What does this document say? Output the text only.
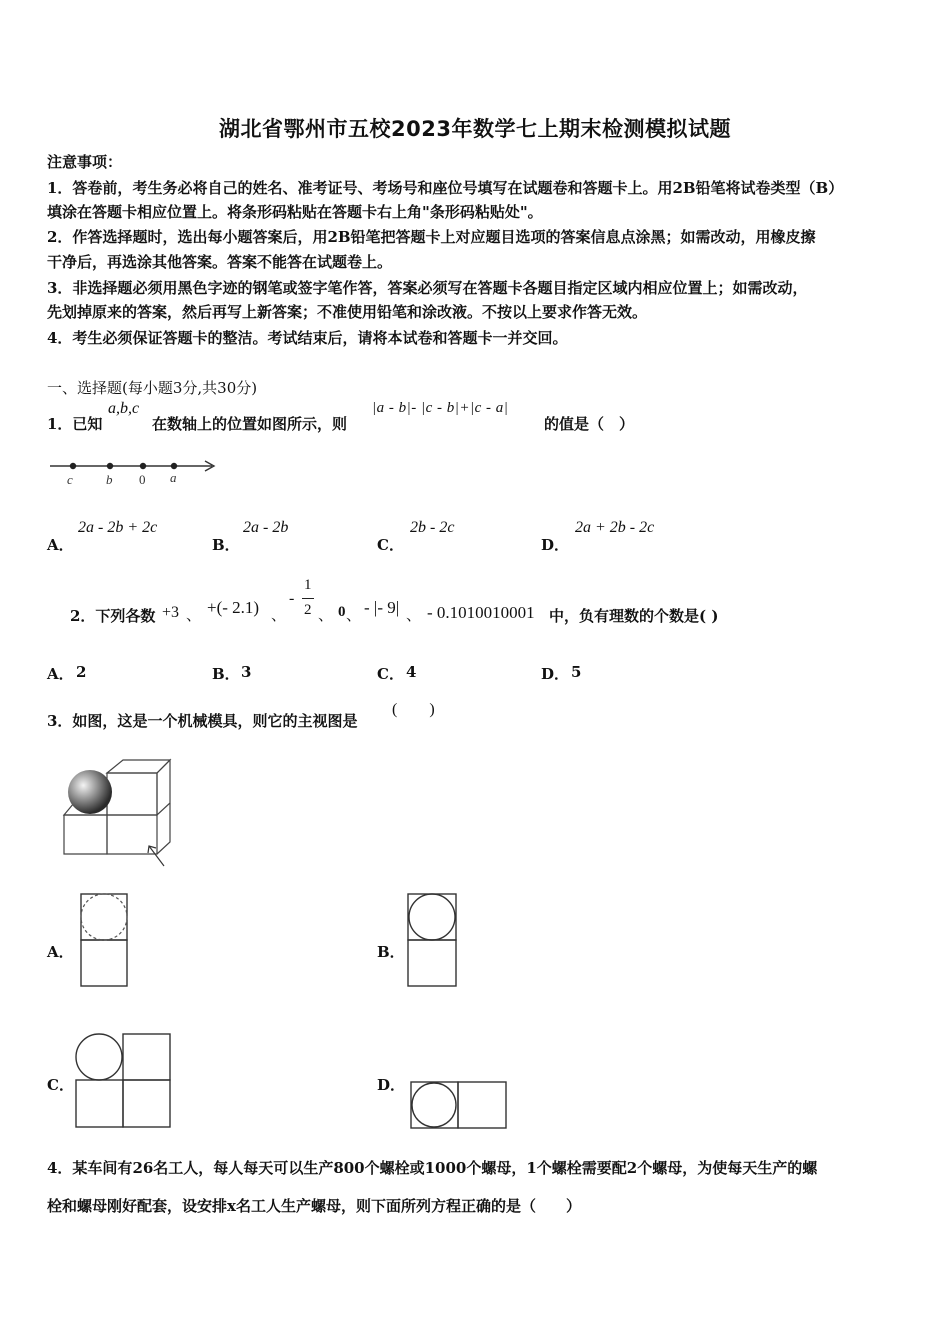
湖北省鄂州市五校2023年数学七上期末检测模拟试题
注意事项：
1．答卷前，考生务必将自己的姓名、准考证号、考场号和座位号填写在试题卷和答题卡上。用2B铅笔将试卷类型（B）
填涂在答题卡相应位置上。将条形码粘贴在答题卡右上角"条形码粘贴处"。
2．作答选择题时，选出每小题答案后，用2B铅笔把答题卡上对应题目选项的答案信息点涂黑；如需改动，用橡皮擦
干净后，再选涂其他答案。答案不能答在试题卷上。
3．非选择题必须用黑色字迹的钢笔或签字笔作答，答案必须写在答题卡各题目指定区域内相应位置上；如需改动，
先划掉原来的答案，然后再写上新答案；不准使用铅笔和涂改液。不按以上要求作答无效。
4．考生必须保证答题卡的整洁。考试结束后，请将本试卷和答题卡一并交回。
一、选择题(每小题3分,共30分)
1．已知
a,b,c
在数轴上的位置如图所示，则
|a - b|- |c - b|+|c - a|
的值是（　）
c	b 0 a
A．
2a - 2b + 2c
B．
2a - 2b
C．
2b - 2c
D．
2a + 2b - 2c
2．下列各数 +3 、 +(- 2.1) 、
-
1
2 、 0 、 - |- 9| 、 - 0.1010010001 中，负有理数的个数是( )
A． 2	B． 3	C． 4	D． 5
3．如图，这是一个机械模具，则它的主视图是
(　　)
A．	B．
C．	D．
4．某车间有26名工人，每人每天可以生产800个螺栓或1000个螺母，1个螺栓需要配2个螺母，为使每天生产的螺
栓和螺母刚好配套，设安排x名工人生产螺母，则下面所列方程正确的是（　　）
